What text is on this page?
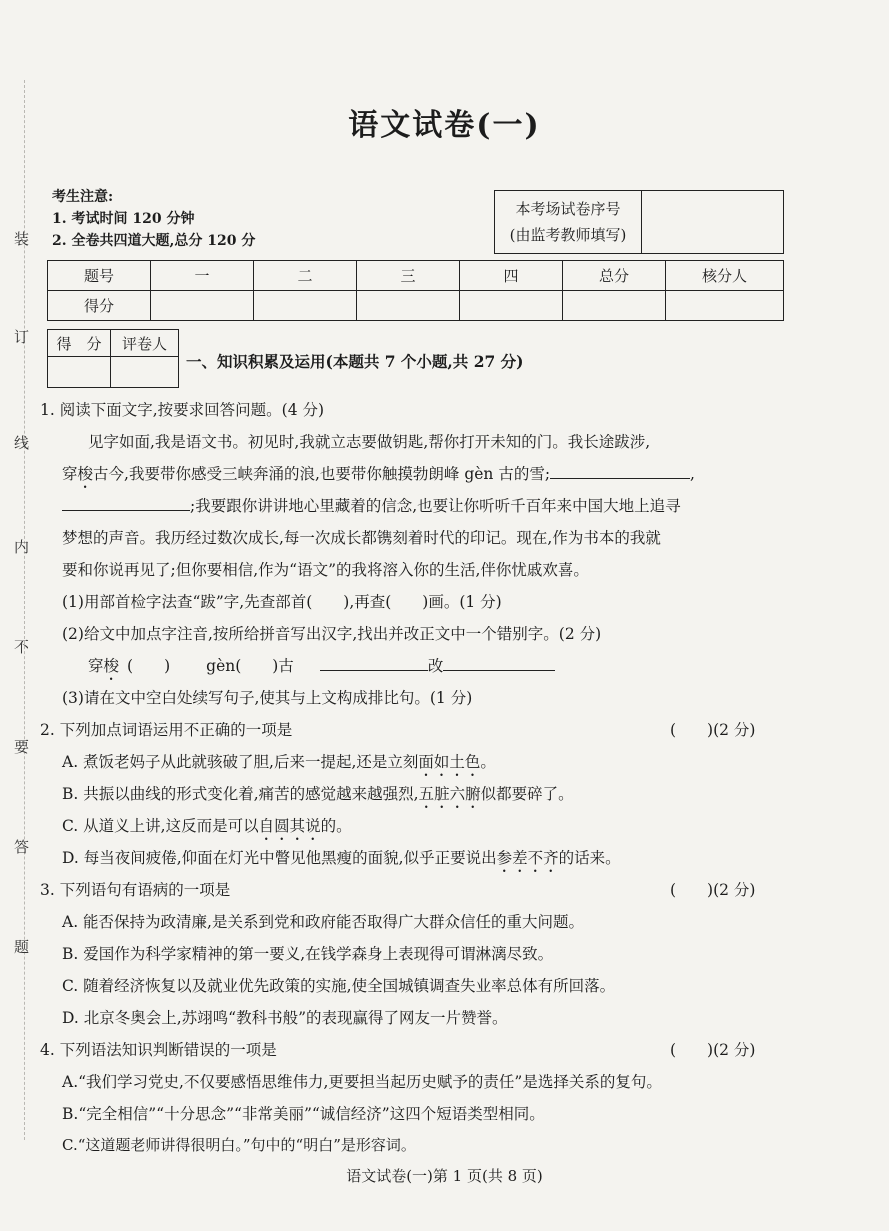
装
订
线
内
不
要
答
题
语文试卷(一)
考生注意:
1. 考试时间 120 分钟
2. 全卷共四道大题,总分 120 分
本考场试卷序号
(由监考教师填写)
题号	一	二	三	四	总分	核分人
得分						
得　分	评卷人

一、知识积累及运用(本题共 7 个小题,共 27 分)
1. 阅读下面文字,按要求回答问题。(4 分)
见字如面,我是语文书。初见时,我就立志要做钥匙,帮你打开未知的门。我长途跋涉,
穿梭古今,我要带你感受三峡奔涌的浪,也要带你触摸勃朗峰 gèn 古的雪;	,
;我要跟你讲讲地心里藏着的信念,也要让你听听千百年来中国大地上追寻
梦想的声音。我历经过数次成长,每一次成长都镌刻着时代的印记。现在,作为书本的我就
要和你说再见了;但你要相信,作为“语文”的我将溶入你的生活,伴你忧戚欢喜。
(1)用部首检字法查“跋”字,先查部首(　　),再查(　　)画。(1 分)
(2)给文中加点字注音,按所给拼音写出汉字,找出并改正文中一个错别字。(2 分)
穿梭 (　　) gèn(　　)古	改
(3)请在文中空白处续写句子,使其与上文构成排比句。(1 分)
2. 下列加点词语运用不正确的一项是	(　　)(2 分)
A. 煮饭老妈子从此就骇破了胆,后来一提起,还是立刻面如土色。
B. 共振以曲线的形式变化着,痛苦的感觉越来越强烈,五脏六腑似都要碎了。
C. 从道义上讲,这反而是可以自圆其说的。
D. 每当夜间疲倦,仰面在灯光中瞥见他黑瘦的面貌,似乎正要说出参差不齐的话来。
3. 下列语句有语病的一项是	(　　)(2 分)
A. 能否保持为政清廉,是关系到党和政府能否取得广大群众信任的重大问题。
B. 爱国作为科学家精神的第一要义,在钱学森身上表现得可谓淋漓尽致。
C. 随着经济恢复以及就业优先政策的实施,使全国城镇调查失业率总体有所回落。
D. 北京冬奥会上,苏翊鸣“教科书般”的表现赢得了网友一片赞誉。
4. 下列语法知识判断错误的一项是	(　　)(2 分)
A.“我们学习党史,不仅要感悟思维伟力,更要担当起历史赋予的责任”是选择关系的复句。
B.“完全相信”“十分思念”“非常美丽”“诚信经济”这四个短语类型相同。
C.“这道题老师讲得很明白。”句中的“明白”是形容词。
语文试卷(一)第 1 页(共 8 页)
